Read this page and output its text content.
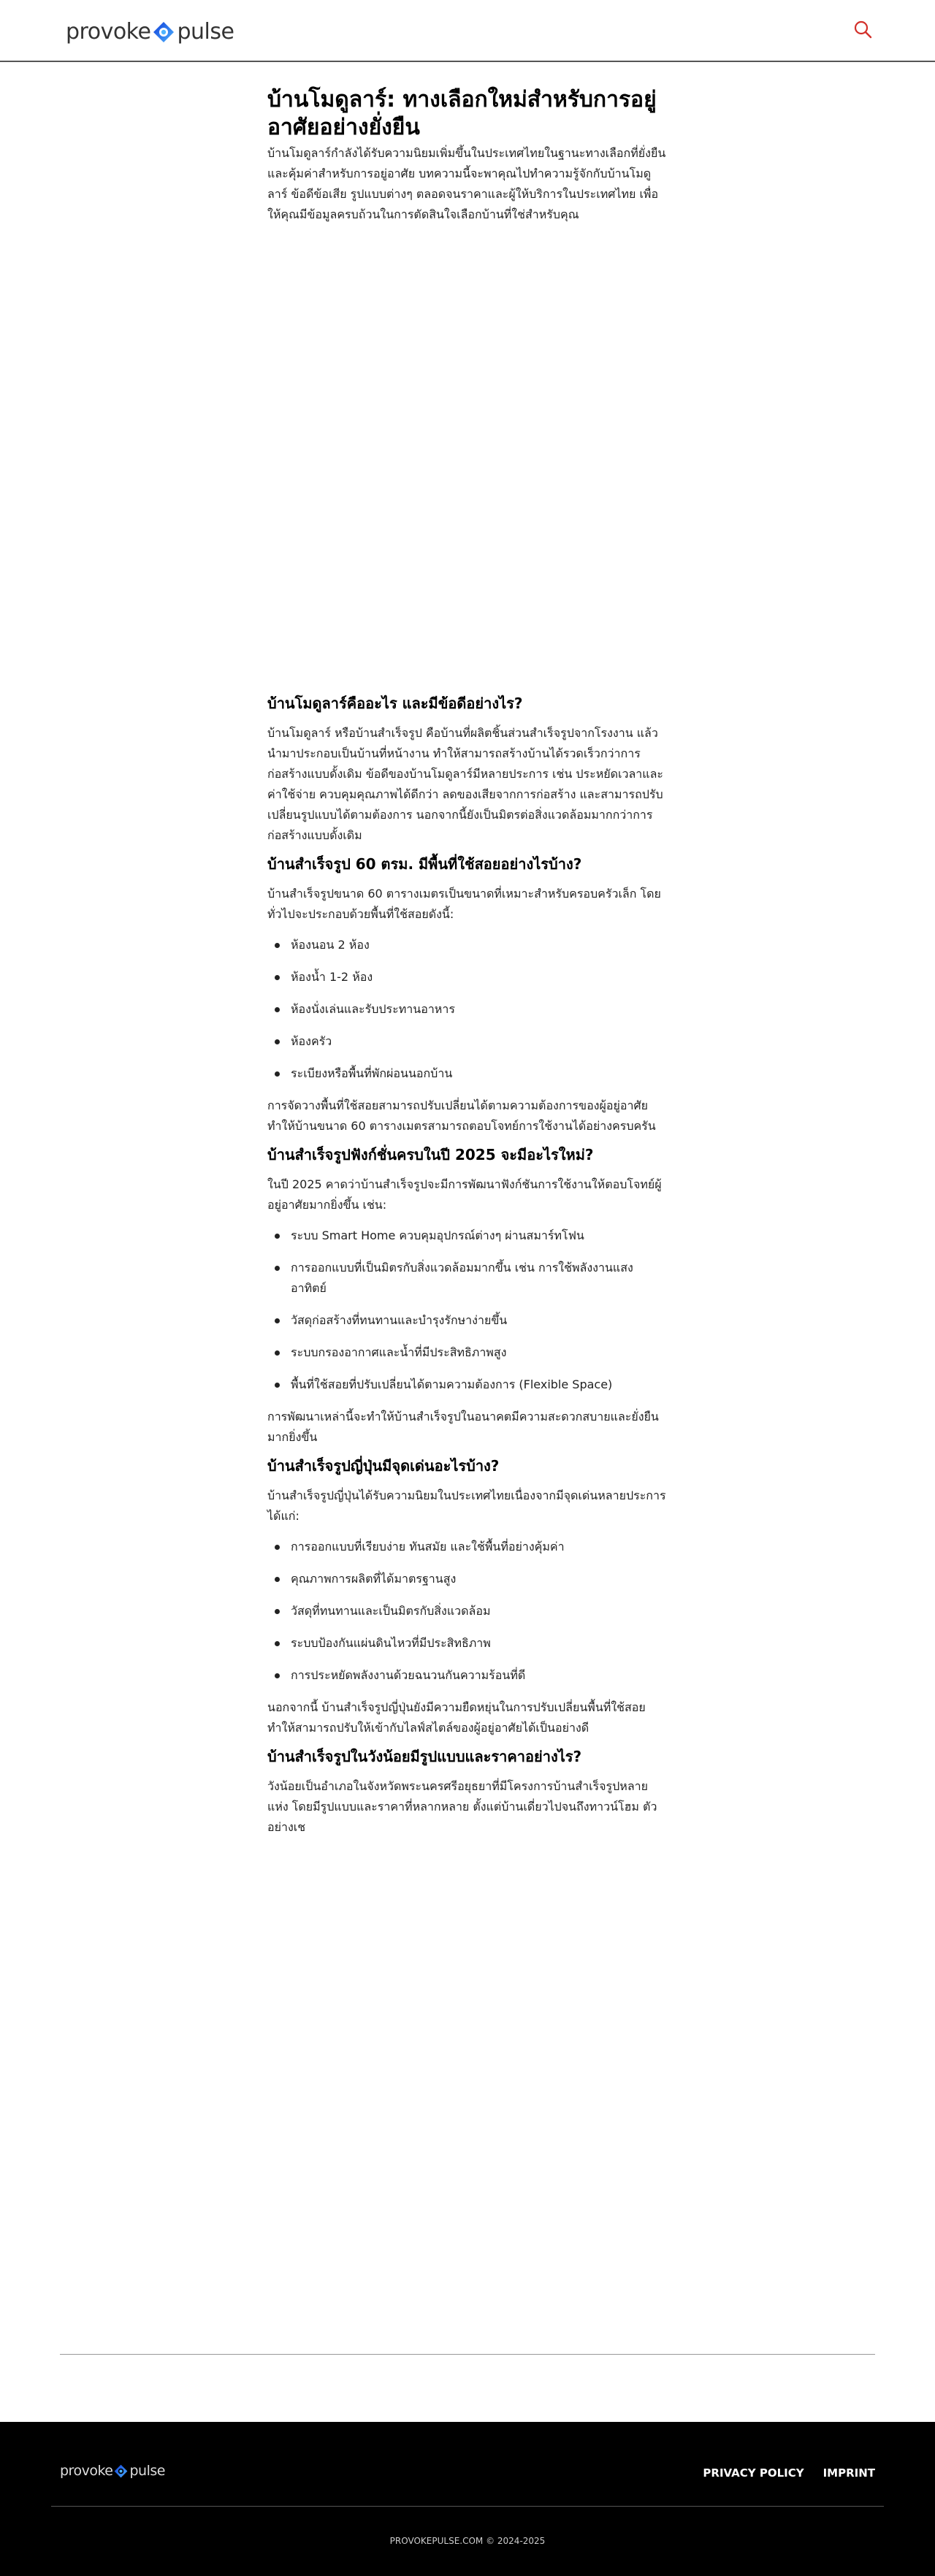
provoke pulse
บ้านโมดูลาร์: ทางเลือกใหม่สำหรับการอยู่อาศัยอย่างยั่งยืน

บ้านโมดูลาร์กำลังได้รับความนิยมเพิ่มขึ้นในประเทศไทยในฐานะทางเลือกที่ยั่งยืนและคุ้มค่าสำหรับการอยู่อาศัย บทความนี้จะพาคุณไปทำความรู้จักกับบ้านโมดูลาร์ ข้อดีข้อเสีย รูปแบบต่างๆ ตลอดจนราคาและผู้ให้บริการในประเทศไทย เพื่อให้คุณมีข้อมูลครบถ้วนในการตัดสินใจเลือกบ้านที่ใช่สำหรับคุณ

บ้านโมดูลาร์คืออะไร และมีข้อดีอย่างไร?

บ้านโมดูลาร์ หรือบ้านสำเร็จรูป คือบ้านที่ผลิตชิ้นส่วนสำเร็จรูปจากโรงงาน แล้วนำมาประกอบเป็นบ้านที่หน้างาน ทำให้สามารถสร้างบ้านได้รวดเร็วกว่าการก่อสร้างแบบดั้งเดิม ข้อดีของบ้านโมดูลาร์มีหลายประการ เช่น ประหยัดเวลาและค่าใช้จ่าย ควบคุมคุณภาพได้ดีกว่า ลดของเสียจากการก่อสร้าง และสามารถปรับเปลี่ยนรูปแบบได้ตามต้องการ นอกจากนี้ยังเป็นมิตรต่อสิ่งแวดล้อมมากกว่าการก่อสร้างแบบดั้งเดิม

บ้านสำเร็จรูป 60 ตรม. มีพื้นที่ใช้สอยอย่างไรบ้าง?

บ้านสำเร็จรูปขนาด 60 ตารางเมตรเป็นขนาดที่เหมาะสำหรับครอบครัวเล็ก โดยทั่วไปจะประกอบด้วยพื้นที่ใช้สอยดังนี้:

ห้องนอน 2 ห้อง
ห้องน้ำ 1-2 ห้อง
ห้องนั่งเล่นและรับประทานอาหาร
ห้องครัว
ระเบียงหรือพื้นที่พักผ่อนนอกบ้าน

การจัดวางพื้นที่ใช้สอยสามารถปรับเปลี่ยนได้ตามความต้องการของผู้อยู่อาศัย ทำให้บ้านขนาด 60 ตารางเมตรสามารถตอบโจทย์การใช้งานได้อย่างครบครัน

บ้านสำเร็จรูปฟังก์ชั่นครบในปี 2025 จะมีอะไรใหม่?

ในปี 2025 คาดว่าบ้านสำเร็จรูปจะมีการพัฒนาฟังก์ชันการใช้งานให้ตอบโจทย์ผู้อยู่อาศัยมากยิ่งขึ้น เช่น:

ระบบ Smart Home ควบคุมอุปกรณ์ต่างๆ ผ่านสมาร์ทโฟน
การออกแบบที่เป็นมิตรกับสิ่งแวดล้อมมากขึ้น เช่น การใช้พลังงานแสงอาทิตย์
วัสดุก่อสร้างที่ทนทานและบำรุงรักษาง่ายขึ้น
ระบบกรองอากาศและน้ำที่มีประสิทธิภาพสูง
พื้นที่ใช้สอยที่ปรับเปลี่ยนได้ตามความต้องการ (Flexible Space)

การพัฒนาเหล่านี้จะทำให้บ้านสำเร็จรูปในอนาคตมีความสะดวกสบายและยั่งยืนมากยิ่งขึ้น

บ้านสำเร็จรูปญี่ปุ่นมีจุดเด่นอะไรบ้าง?

บ้านสำเร็จรูปญี่ปุ่นได้รับความนิยมในประเทศไทยเนื่องจากมีจุดเด่นหลายประการ ได้แก่:

การออกแบบที่เรียบง่าย ทันสมัย และใช้พื้นที่อย่างคุ้มค่า
คุณภาพการผลิตที่ได้มาตรฐานสูง
วัสดุที่ทนทานและเป็นมิตรกับสิ่งแวดล้อม
ระบบป้องกันแผ่นดินไหวที่มีประสิทธิภาพ
การประหยัดพลังงานด้วยฉนวนกันความร้อนที่ดี

นอกจากนี้ บ้านสำเร็จรูปญี่ปุ่นยังมีความยืดหยุ่นในการปรับเปลี่ยนพื้นที่ใช้สอย ทำให้สามารถปรับให้เข้ากับไลฟ์สไตล์ของผู้อยู่อาศัยได้เป็นอย่างดี

บ้านสำเร็จรูปในวังน้อยมีรูปแบบและราคาอย่างไร?

วังน้อยเป็นอำเภอในจังหวัดพระนครศรีอยุธยาที่มีโครงการบ้านสำเร็จรูปหลายแห่ง โดยมีรูปแบบและราคาที่หลากหลาย ตั้งแต่บ้านเดี่ยวไปจนถึงทาวน์โฮม ตัวอย่างเช

provoke pulse	PRIVACY POLICY IMPRINT
PROVOKEPULSE.COM © 2024-2025
